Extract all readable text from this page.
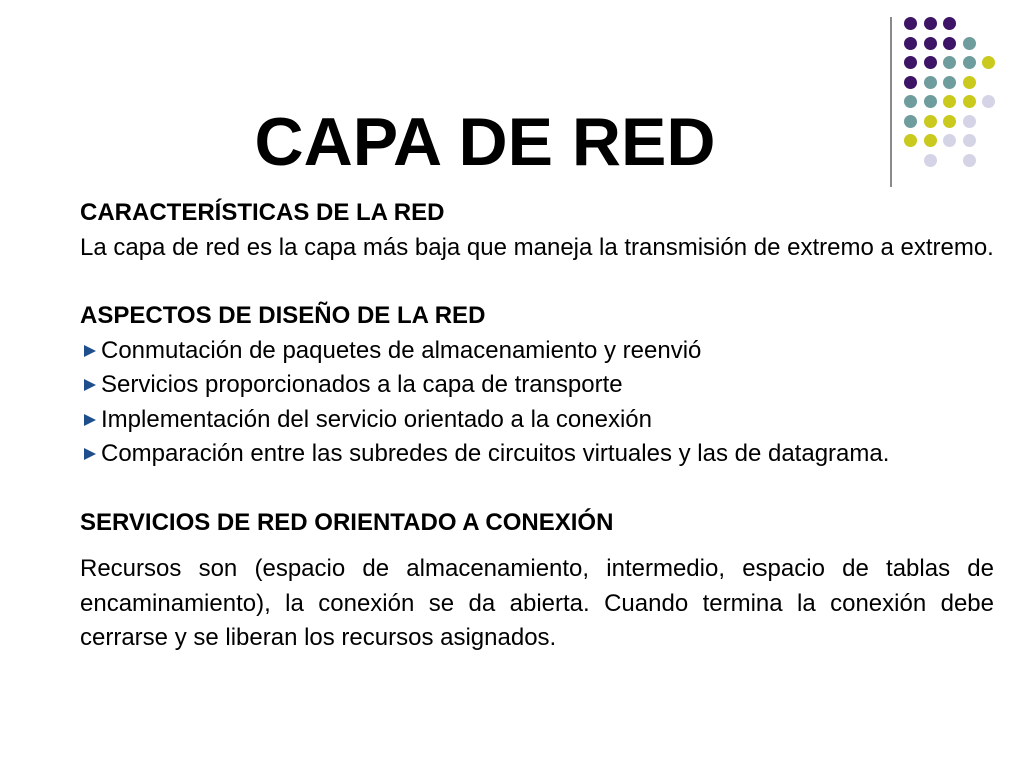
CAPA DE RED
CARACTERÍSTICAS DE LA RED
La capa de red es la capa más baja que maneja la transmisión de extremo a extremo.
ASPECTOS DE DISEÑO DE LA RED
Conmutación de paquetes de almacenamiento y reenvió
Servicios proporcionados a la capa de transporte
Implementación del servicio orientado a la conexión
Comparación entre las subredes de circuitos virtuales y las de datagrama.
SERVICIOS DE RED ORIENTADO A CONEXIÓN
Recursos son (espacio de almacenamiento, intermedio, espacio de tablas de encaminamiento), la conexión se da abierta. Cuando termina la conexión debe cerrarse y se liberan los recursos asignados.
